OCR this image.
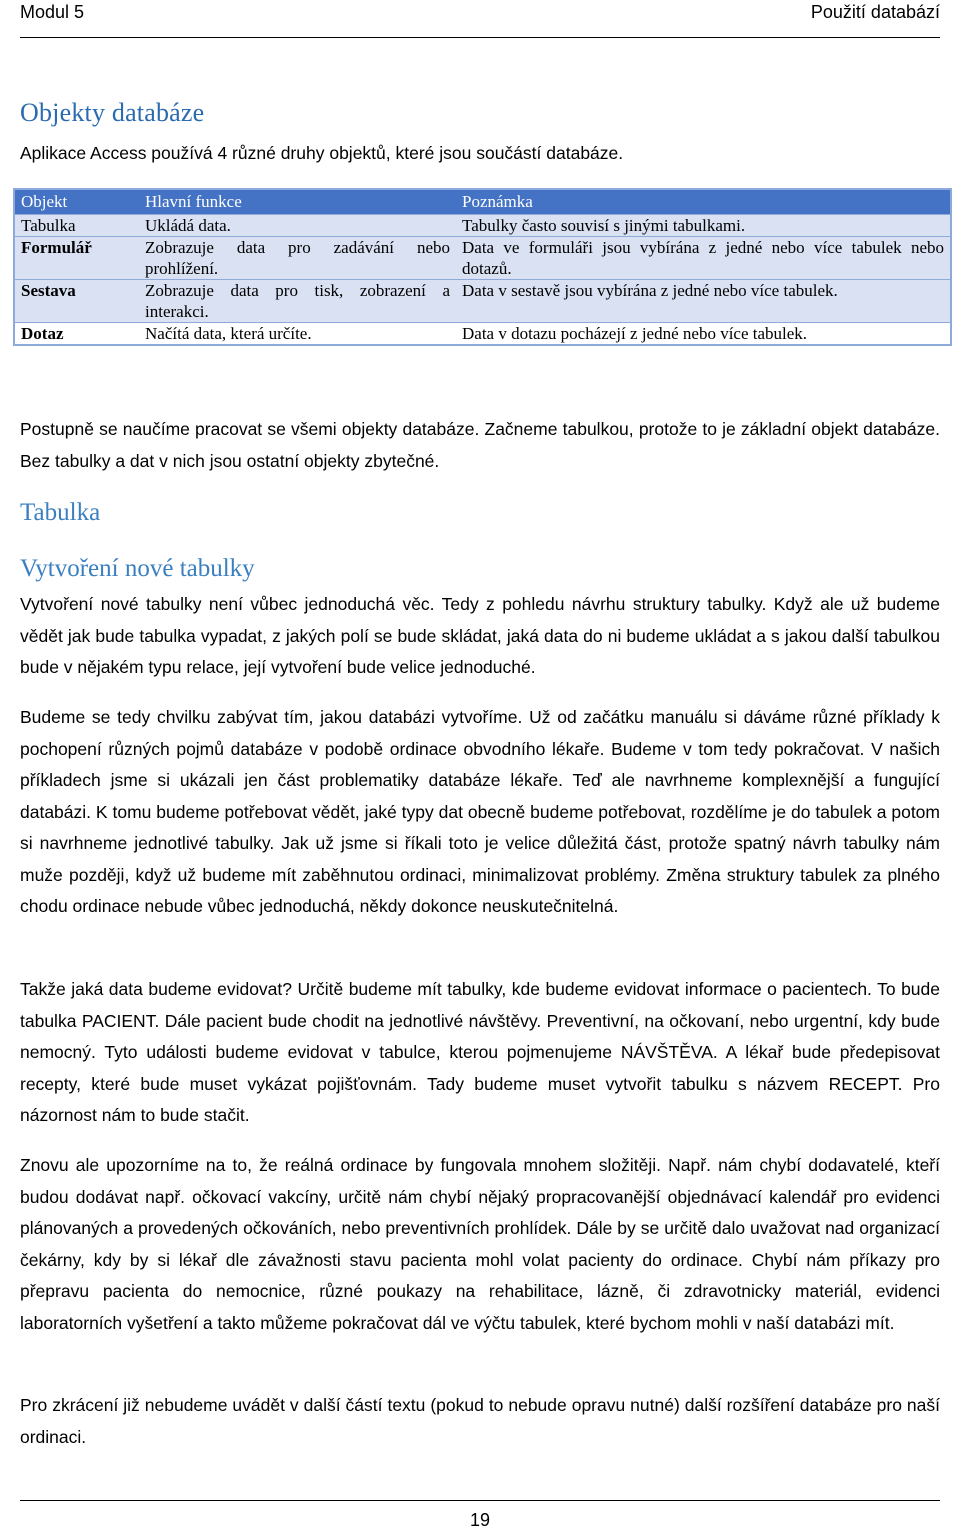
Modul 5	Použití databází
Objekty databáze

Aplikace Access používá 4 různé druhy objektů, které jsou součástí databáze.

Objekt	Hlavní funkce	Poznámka
Tabulka	Ukládá data.	Tabulky často souvisí s jinými tabulkami.
Formulář	Zobrazuje data pro zadávání nebo prohlížení.	Data ve formuláři jsou vybírána z jedné nebo více tabulek nebo dotazů.
Sestava	Zobrazuje data pro tisk, zobrazení a interakci.	Data v sestavě jsou vybírána z jedné nebo více tabulek.
Dotaz	Načítá data, která určíte.	Data v dotazu pocházejí z jedné nebo více tabulek.

Postupně se naučíme pracovat se všemi objekty databáze. Začneme tabulkou, protože to je základní objekt databáze. Bez tabulky a dat v nich jsou ostatní objekty zbytečné.

Tabulka
Vytvoření nové tabulky

Vytvoření nové tabulky není vůbec jednoduchá věc. Tedy z pohledu návrhu struktury tabulky. Když ale už budeme vědět jak bude tabulka vypadat, z jakých polí se bude skládat, jaká data do ni budeme ukládat a s jakou další tabulkou bude v nějakém typu relace, její vytvoření bude velice jednoduché.

Budeme se tedy chvilku zabývat tím, jakou databázi vytvoříme. Už od začátku manuálu si dáváme různé příklady k pochopení různých pojmů databáze v podobě ordinace obvodního lékaře. Budeme v tom tedy pokračovat. V našich příkladech jsme si ukázali jen část problematiky databáze lékaře. Teď ale navrhneme komplexnější a fungující databázi. K tomu budeme potřebovat vědět, jaké typy dat obecně budeme potřebovat, rozdělíme je do tabulek a potom si navrhneme jednotlivé tabulky. Jak už jsme si říkali toto je velice důležitá část, protože spatný návrh tabulky nám muže později, když už budeme mít zaběhnutou ordinaci, minimalizovat problémy. Změna struktury tabulek za plného chodu ordinace nebude vůbec jednoduchá, někdy dokonce neuskutečnitelná.

Takže jaká data budeme evidovat? Určitě budeme mít tabulky, kde budeme evidovat informace o pacientech. To bude tabulka PACIENT. Dále pacient bude chodit na jednotlivé návštěvy. Preventivní, na očkovaní, nebo urgentní, kdy bude nemocný. Tyto události budeme evidovat v tabulce, kterou pojmenujeme NÁVŠTĚVA. A lékař bude předepisovat recepty, které bude muset vykázat pojišťovnám. Tady budeme muset vytvořit tabulku s názvem RECEPT. Pro názornost nám to bude stačit.

Znovu ale upozorníme na to, že reálná ordinace by fungovala mnohem složitěji. Např. nám chybí dodavatelé, kteří budou dodávat např. očkovací vakcíny, určitě nám chybí nějaký propracovanější objednávací kalendář pro evidenci plánovaných a provedených očkováních, nebo preventivních prohlídek. Dále by se určitě dalo uvažovat nad organizací čekárny, kdy by si lékař dle závažnosti stavu pacienta mohl volat pacienty do ordinace. Chybí nám příkazy pro přepravu pacienta do nemocnice, různé poukazy na rehabilitace, lázně, či zdravotnicky materiál, evidenci laboratorních vyšetření a takto můžeme pokračovat dál ve výčtu tabulek, které bychom mohli v naší databázi mít.

Pro zkrácení již nebudeme uvádět v další částí textu (pokud to nebude opravu nutné) další rozšíření databáze pro naší ordinaci.

19
